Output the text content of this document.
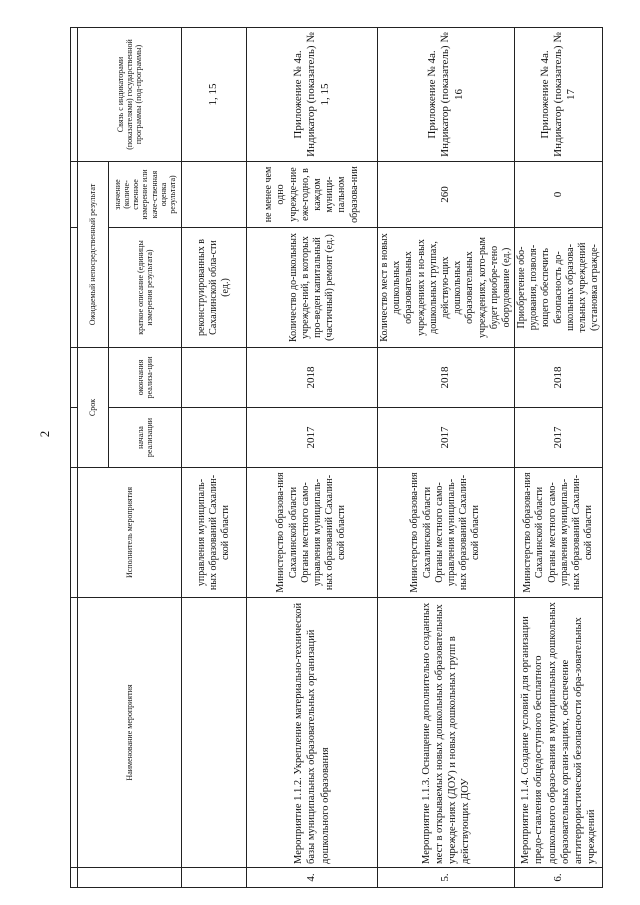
2

	Наименование мероприятия	Исполнитель мероприятия	Срок		Ожидаемый непосредственный результат		Связь с индикаторами (показателями) государственной программы (под-программы)
			начала реализации	окончания реализа-ции	краткое описание (единицы измерения результата)	значение (количе-ственное измерение или каче-ственная оценка результата)	
		управления муниципаль-ных образований Сахалин-ской области			реконструированных в Сахалинской обла-сти (ед.)		1, 15
4.	Мероприятие 1.1.2. Укрепление материально-технической базы муниципальных образовательных организаций дошкольного образования	Министерство образова-ния Сахалинской области Органы местного само-управления муниципаль-ных образований Сахалин-ской области	2017	2018	Количество до-школьных учрежде-ний, в которых про-веден капитальный (частичный) ремонт (ед.)	не менее чем одно учрежде-ние еже-годно, в каждом муници-пальном образова-нии	Приложение № 4а. Индикатор (показатель) № 1, 15
5.	Мероприятие 1.1.3. Оснащение дополнительно созданных мест в открываемых новых дошкольных образовательных учрежде-ниях (ДОУ) и новых дошкольных групп в действующих ДОУ	Министерство образова-ния Сахалинской области Органы местного само-управления муниципаль-ных образований Сахалин-ской области	2017	2018	Количество мест в новых дошкольных образовательных учреждениях и но-вых дошкольных группах, действую-щих дошкольных образовательных учреждениях, кото-рым будет приобре-тено оборудование (ед.)	260	Приложение № 4а. Индикатор (показатель) № 16
6.	Мероприятие 1.1.4. Создание условий для организации предо-ставления общедоступного бесплатного дошкольного образо-вания в муниципальных дошкольных образовательных органи-зациях, обеспечение антитеррористической безопасности обра-зовательных учреждений	Министерство образова-ния Сахалинской области Органы местного само-управления муниципаль-ных образований Сахалин-ской области	2017	2018	Приобретение обо-рудования, позволя-ющего обеспечить безопасность до-школьных образова-тельных учреждений (установка огражде-	0	Приложение № 4а. Индикатор (показатель) № 17
